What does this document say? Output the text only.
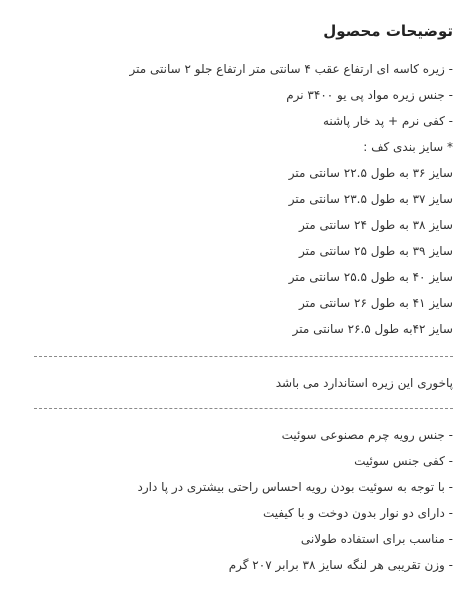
توضیحات محصول
- زیره کاسه ای ارتفاع عقب ۴ سانتی متر ارتفاع جلو ۲ سانتی متر
- جنس زیره مواد پی یو ۳۴۰۰ نرم
- کفی نرم + پد خار پاشنه
* سایز بندی کف :
سایز ۳۶ به طول ۲۲.۵ سانتی متر
سایز ۳۷ به طول ۲۳.۵ سانتی متر
سایز ۳۸ به طول ۲۴ سانتی متر
سایز ۳۹ به طول ۲۵ سانتی متر
سایز ۴۰ به طول ۲۵.۵ سانتی متر
سایز ۴۱ به طول ۲۶ سانتی متر
سایز ۴۲به طول ۲۶.۵ سانتی متر
پاخوری این زیره استاندارد می باشد
- جنس رویه چرم مصنوعی سوئیت
- کفی جنس سوئیت
- با توجه به سوئیت بودن رویه احساس راحتی بیشتری در پا دارد
- دارای دو نوار بدون دوخت و با کیفیت
- مناسب برای استفاده طولانی
- وزن تقریبی هر لنگه سایز ۳۸ برابر ۲۰۷ گرم
